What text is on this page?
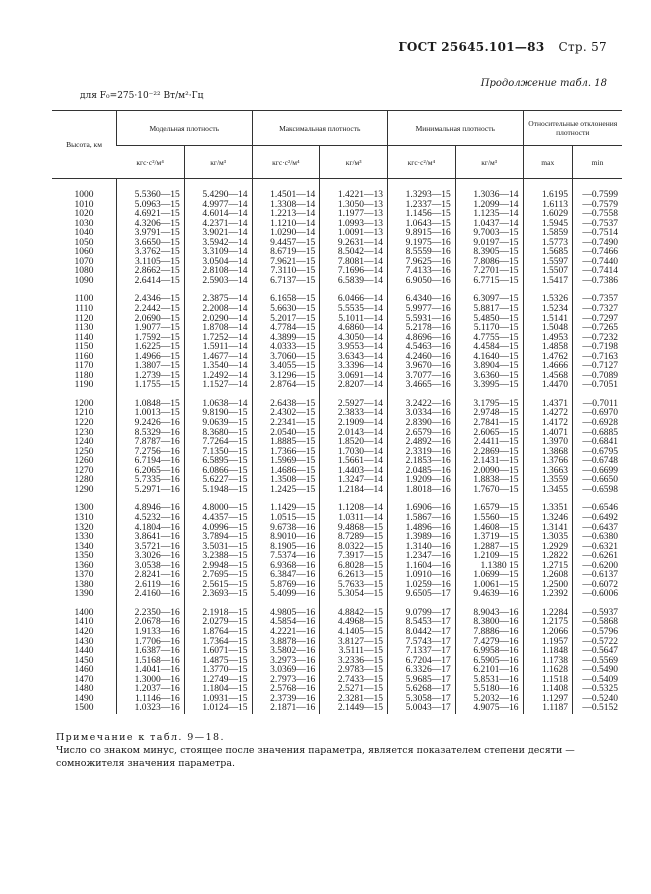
ГОСТ 25645.101—83 Стр. 57
Продолжение табл. 18
для F₀=275·10⁻²² Вт/м²·Гц
Высота, км	Модельная плотность		Максимальная плотность		Минимальная плотность		Относительные отклонения плотности	
	кгс·с²/м⁴	кг/м³	кгс·с²/м⁴	кг/м³	кгс·с²/м⁴	кг/м³	max	min
1000	5.5360—15	5.4290—14	1.4501—14	1.4221—13	1.3293—15	1.3036—14	1.6195	—0.7599
1010	5.0963—15	4.9977—14	1.3308—14	1.3050—13	1.2337—15	1.2099—14	1.6113	—0.7579
1020	4.6921—15	4.6014—14	1.2213—14	1.1977—13	1.1456—15	1.1235—14	1.6029	—0.7558
1030	4.3206—15	4.2371—14	1.1210—14	1.0993—13	1.0643—15	1.0437—14	1.5945	—0.7537
1040	3.9791—15	3.9021—14	1.0290—14	1.0091—13	9.8915—16	9.7003—15	1.5859	—0.7514
1050	3.6650—15	3.5942—14	9.4457—15	9.2631—14	9.1975—16	9.0197—15	1.5773	—0.7490
1060	3.3762—15	3.3109—14	8.6719—15	8.5042—14	8.5559—16	8.3905—15	1.5685	—0.7466
1070	3.1105—15	3.0504—14	7.9621—15	7.8081—14	7.9625—16	7.8086—15	1.5597	—0.7440
1080	2.8662—15	2.8108—14	7.3110—15	7.1696—14	7.4133—16	7.2701—15	1.5507	—0.7414
1090	2.6414—15	2.5903—14	6.7137—15	6.5839—14	6.9050—16	6.7715—15	1.5417	—0.7386
1100	2.4346—15	2.3875—14	6.1658—15	6.0466—14	6.4340—16	6.3097—15	1.5326	—0.7357
1110	2.2442—15	2.2008—14	5.6630—15	5.5535—14	5.9977—16	5.8817—15	1.5234	—0.7327
1120	2.0690—15	2.0290—14	5.2017—15	5.1011—14	5.5931—16	5.4850—15	1.5141	—0.7297
1130	1.9077—15	1.8708—14	4.7784—15	4.6860—14	5.2178—16	5.1170—15	1.5048	—0.7265
1140	1.7592—15	1.7252—14	4.3899—15	4.3050—14	4.8696—16	4.7755—15	1.4953	—0.7232
1150	1.6225—15	1.5911—14	4.0333—15	3.9553—14	4.5463—16	4.4584—15	1.4858	—0.7198
1160	1.4966—15	1.4677—14	3.7060—15	3.6343—14	4.2460—16	4.1640—15	1.4762	—0.7163
1170	1.3807—15	1.3540—14	3.4055—15	3.3396—14	3.9670—16	3.8904—15	1.4666	—0.7127
1180	1.2739—15	1.2492—14	3.1296—15	3.0691—14	3.7077—16	3.6360—15	1.4568	—0.7089
1190	1.1755—15	1.1527—14	2.8764—15	2.8207—14	3.4665—16	3.3995—15	1.4470	—0.7051
1200	1.0848—15	1.0638—14	2.6438—15	2.5927—14	3.2422—16	3.1795—15	1.4371	—0.7011
1210	1.0013—15	9.8190—15	2.4302—15	2.3833—14	3.0334—16	2.9748—15	1.4272	—0.6970
1220	9.2426—16	9.0639—15	2.2341—15	2.1909—14	2.8390—16	2.7841—15	1.4172	—0.6928
1230	8.5329—16	8.3680—15	2.0540—15	2.0143—14	2.6579—16	2.6065—15	1.4071	—0.6885
1240	7.8787—16	7.7264—15	1.8885—15	1.8520—14	2.4892—16	2.4411—15	1.3970	—0.6841
1250	7.2756—16	7.1350—15	1.7366—15	1.7030—14	2.3319—16	2.2869—15	1.3868	—0.6795
1260	6.7194—16	6.5895—15	1.5969—15	1.5661—14	2.1853—16	2.1431—15	1.3766	—0.6748
1270	6.2065—16	6.0866—15	1.4686—15	1.4403—14	2.0485—16	2.0090—15	1.3663	—0.6699
1280	5.7335—16	5.6227—15	1.3508—15	1.3247—14	1.9209—16	1.8838—15	1.3559	—0.6650
1290	5.2971—16	5.1948—15	1.2425—15	1.2184—14	1.8018—16	1.7670—15	1.3455	—0.6598
1300	4.8946—16	4.8000—15	1.1429—15	1.1208—14	1.6906—16	1.6579—15	1.3351	—0.6546
1310	4.5232—16	4.4357—15	1.0515—15	1.0311—14	1.5867—16	1.5560—15	1.3246	—0.6492
1320	4.1804—16	4.0996—15	9.6738—16	9.4868—15	1.4896—16	1.4608—15	1.3141	—0.6437
1330	3.8641—16	3.7894—15	8.9010—16	8.7289—15	1.3989—16	1.3719—15	1.3035	—0.6380
1340	3.5721—16	3.5031—15	8.1905—16	8.0322—15	1.3140—16	1.2887—15	1.2929	—0.6321
1350	3.3026—16	3.2388—15	7.5374—16	7.3917—15	1.2347—16	1.2109—15	1.2822	—0.6261
1360	3.0538—16	2.9948—15	6.9368—16	6.8028—15	1.1604—16	1.1380 15	1.2715	—0.6200
1370	2.8241—16	2.7695—15	6.3847—16	6.2613—15	1.0910—16	1.0699—15	1.2608	—0.6137
1380	2.6119—16	2.5615—15	5.8769—16	5.7633—15	1.0259—16	1.0061—15	1.2500	—0.6072
1390	2.4160—16	2.3693—15	5.4099—16	5.3054—15	9.6505—17	9.4639—16	1.2392	—0.6006
1400	2.2350—16	2.1918—15	4.9805—16	4.8842—15	9.0799—17	8.9043—16	1.2284	—0.5937
1410	2.0678—16	2.0279—15	4.5854—16	4.4968—15	8.5453—17	8.3800—16	1.2175	—0.5868
1420	1.9133—16	1.8764—15	4.2221—16	4.1405—15	8.0442—17	7.8886—16	1.2066	—0.5796
1430	1.7706—16	1.7364—15	3.8878—16	3.8127—15	7.5743—17	7.4279—16	1.1957	—0.5722
1440	1.6387—16	1.6071—15	3.5802—16	3.5111—15	7.1337—17	6.9958—16	1.1848	—0.5647
1450	1.5168—16	1.4875—15	3.2973—16	3.2336—15	6.7204—17	6.5905—16	1.1738	—0.5569
1460	1.4041—16	1.3770—15	3.0369—16	2.9783—15	6.3326—17	6.2101—16	1.1628	—0.5490
1470	1.3000—16	1.2749—15	2.7973—16	2.7433—15	5.9685—17	5.8531—16	1.1518	—0.5409
1480	1.2037—16	1.1804—15	2.5768—16	2.5271—15	5.6268—17	5.5180—16	1.1408	—0.5325
1490	1.1146—16	1.0931—15	2.3739—16	2.3281—15	5.3058—17	5.2032—16	1.1297	—0.5240
1500	1.0323—16	1.0124—15	2.1871—16	2.1449—15	5.0043—17	4.9075—16	1.1187	—0.5152
Примечание к табл. 9—18.
Число со знаком минус, стоящее после значения параметра, является показателем степени десяти — сомножителя значения параметра.
